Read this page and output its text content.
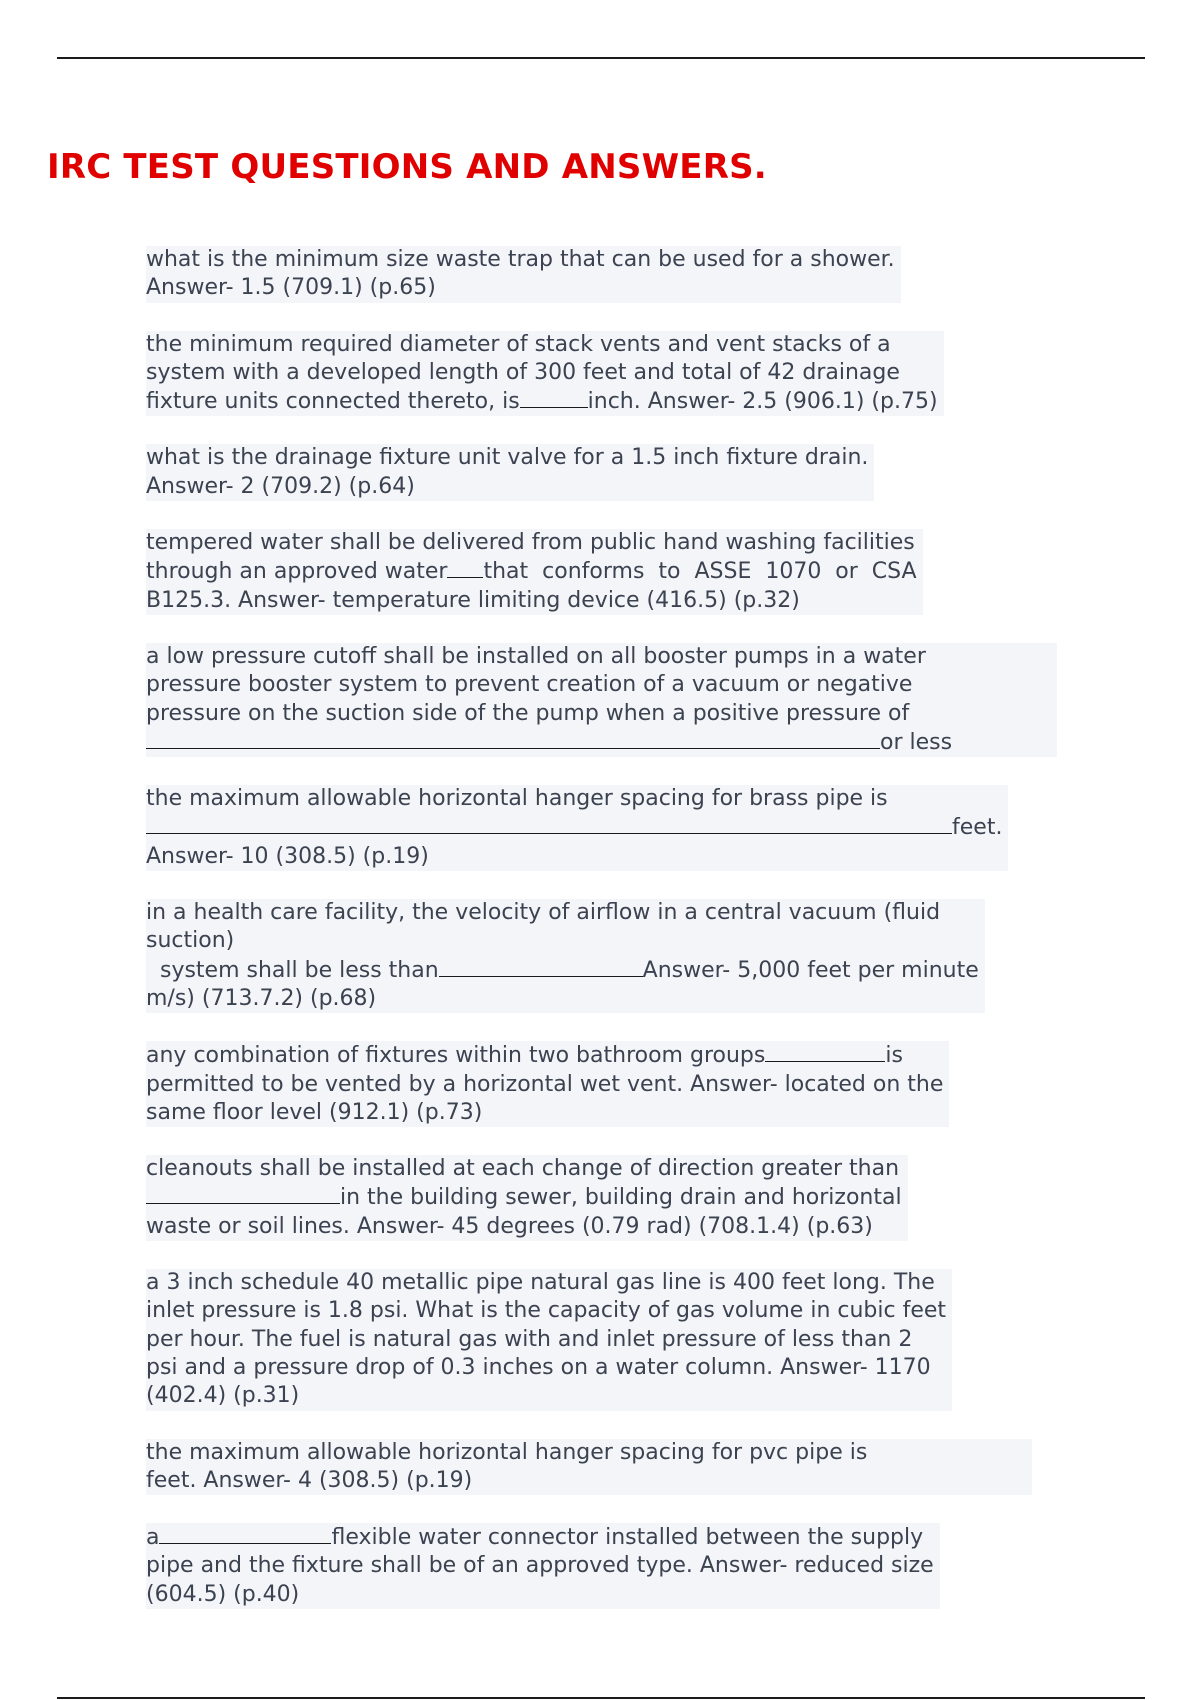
IRC TEST QUESTIONS AND ANSWERS.
what is the minimum size waste trap that can be used for a shower.
Answer- 1.5 (709.1) (p.65)
the minimum required diameter of stack vents and vent stacks of a
system with a developed length of 300 feet and total of 42 drainage
fixture units connected thereto, is	inch. Answer- 2.5 (906.1) (p.75)
what is the drainage fixture unit valve for a 1.5 inch fixture drain.
Answer- 2 (709.2) (p.64)
tempered water shall be delivered from public hand washing facilities
through an approved water that  conforms  to  ASSE  1070  or  CSA
B125.3. Answer- temperature limiting device (416.5) (p.32)
a low pressure cutoff shall be installed on all booster pumps in a water
pressure booster system to prevent creation of a vacuum or negative
pressure on the suction side of the pump when a positive pressure of
or less
the maximum allowable horizontal hanger spacing for brass pipe is
feet.
Answer- 10 (308.5) (p.19)
in a health care facility, the velocity of airflow in a central vacuum (fluid
suction)
system shall be less than	Answer- 5,000 feet per minute
m/s) (713.7.2) (p.68)
any combination of fixtures within two bathroom groups	is
permitted to be vented by a horizontal wet vent. Answer- located on the
same floor level (912.1) (p.73)
cleanouts shall be installed at each change of direction greater than
in the building sewer, building drain and horizontal
waste or soil lines. Answer- 45 degrees (0.79 rad) (708.1.4) (p.63)
a 3 inch schedule 40 metallic pipe natural gas line is 400 feet long. The
inlet pressure is 1.8 psi. What is the capacity of gas volume in cubic feet
per hour. The fuel is natural gas with and inlet pressure of less than 2
psi and a pressure drop of 0.3 inches on a water column. Answer- 1170
(402.4) (p.31)
the maximum allowable horizontal hanger spacing for pvc pipe is
feet. Answer- 4 (308.5) (p.19)
a	flexible water connector installed between the supply
pipe and the fixture shall be of an approved type. Answer- reduced size
(604.5) (p.40)
